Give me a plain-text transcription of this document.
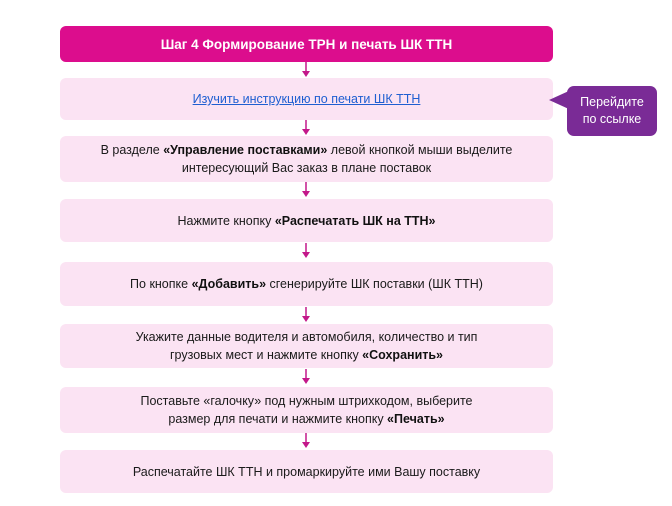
Шаг 4 Формирование ТРН и печать ШК ТТН
Изучить инструкцию по печати ШК ТТН	Перейдите
по ссылке
В разделе «Управление поставками» левой кнопкой мыши выделите
интересующий Вас заказ в плане поставок
Нажмите кнопку «Распечатать ШК на ТТН»
По кнопке «Добавить» сгенерируйте ШК поставки (ШК ТТН)
Укажите данные водителя и автомобиля, количество и тип
грузовых мест и нажмите кнопку «Сохранить»
Поставьте «галочку» под нужным штрихкодом, выберите
размер для печати и нажмите кнопку «Печать»
Распечатайте ШК ТТН и промаркируйте ими Вашу поставку
